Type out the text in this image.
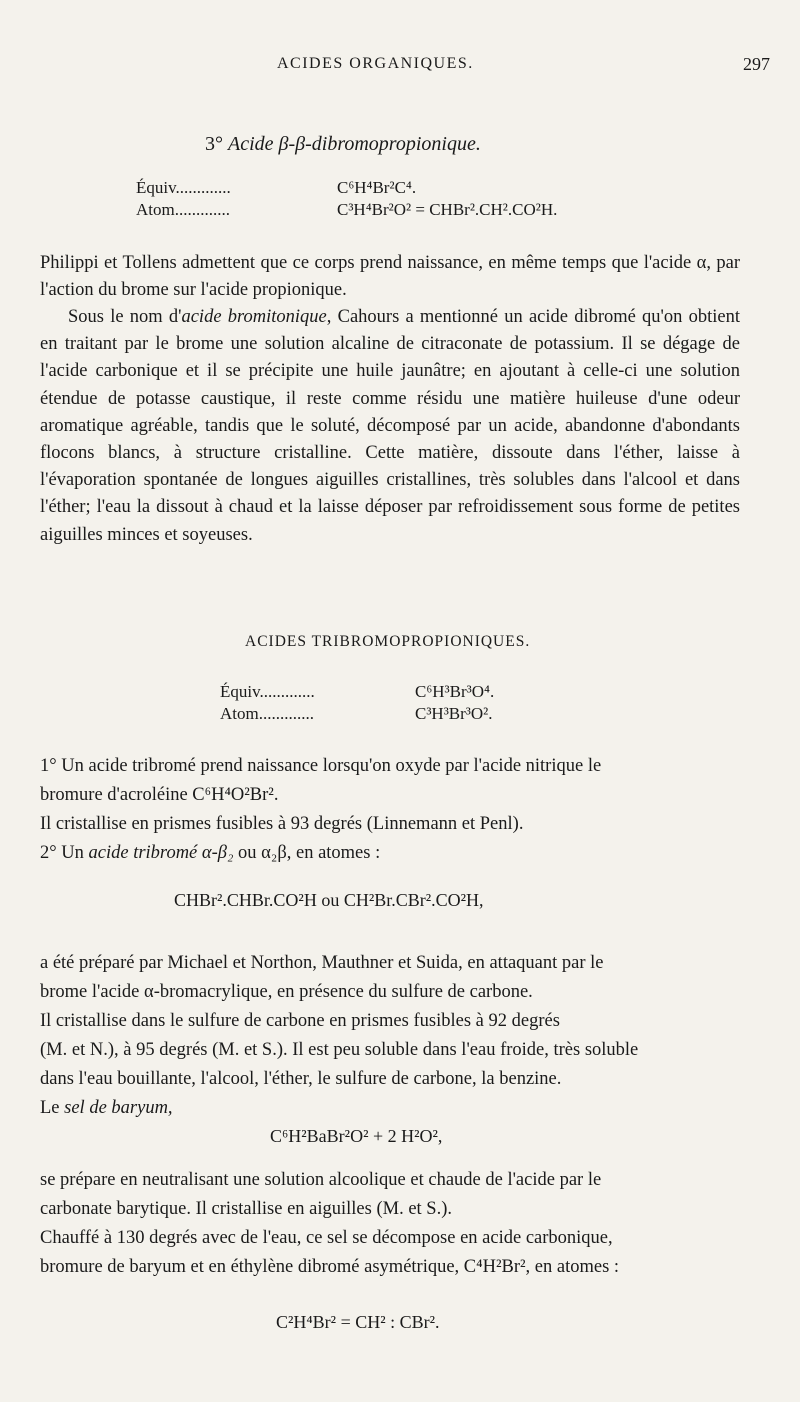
ACIDES ORGANIQUES.	297
3° Acide β-β-dibromopropionique.
Équiv.............	C⁶H⁴Br²C⁴.
Atom.............	C³H⁴Br²O² = CHBr².CH².CO²H.
Philippi et Tollens admettent que ce corps prend naissance, en même temps que l'acide α, par l'action du brome sur l'acide propionique.
Sous le nom d'acide bromitonique, Cahours a mentionné un acide dibromé qu'on obtient en traitant par le brome une solution alcaline de citraconate de potassium. Il se dégage de l'acide carbonique et il se précipite une huile jaunâtre; en ajoutant à celle-ci une solution étendue de potasse caustique, il reste comme résidu une matière huileuse d'une odeur aromatique agréable, tandis que le soluté, décomposé par un acide, abandonne d'abondants flocons blancs, à structure cristalline. Cette matière, dissoute dans l'éther, laisse à l'évaporation spontanée de longues aiguilles cristallines, très solubles dans l'alcool et dans l'éther; l'eau la dissout à chaud et la laisse déposer par refroidissement sous forme de petites aiguilles minces et soyeuses.
ACIDES TRIBROMOPROPIONIQUES.
Équiv.............	C⁶H³Br³O⁴.
Atom.............	C³H³Br³O².
1° Un acide tribromé prend naissance lorsqu'on oxyde par l'acide nitrique le
bromure d'acroléine C⁶H⁴O²Br².
Il cristallise en prismes fusibles à 93 degrés (Linnemann et Penl).
2° Un acide tribromé α-β₂ ou α₂β, en atomes :
CHBr².CHBr.CO²H ou CH²Br.CBr².CO²H,
a été préparé par Michael et Northon, Mauthner et Suida, en attaquant par le
brome l'acide α-bromacrylique, en présence du sulfure de carbone.
Il cristallise dans le sulfure de carbone en prismes fusibles à 92 degrés
(M. et N.), à 95 degrés (M. et S.). Il est peu soluble dans l'eau froide, très soluble
dans l'eau bouillante, l'alcool, l'éther, le sulfure de carbone, la benzine.
Le sel de baryum,
C⁶H²BaBr²O² + 2 H²O²,
se prépare en neutralisant une solution alcoolique et chaude de l'acide par le
carbonate barytique. Il cristallise en aiguilles (M. et S.).
Chauffé à 130 degrés avec de l'eau, ce sel se décompose en acide carbonique,
bromure de baryum et en éthylène dibromé asymétrique, C⁴H²Br², en atomes :
C²H⁴Br² = CH² : CBr².
